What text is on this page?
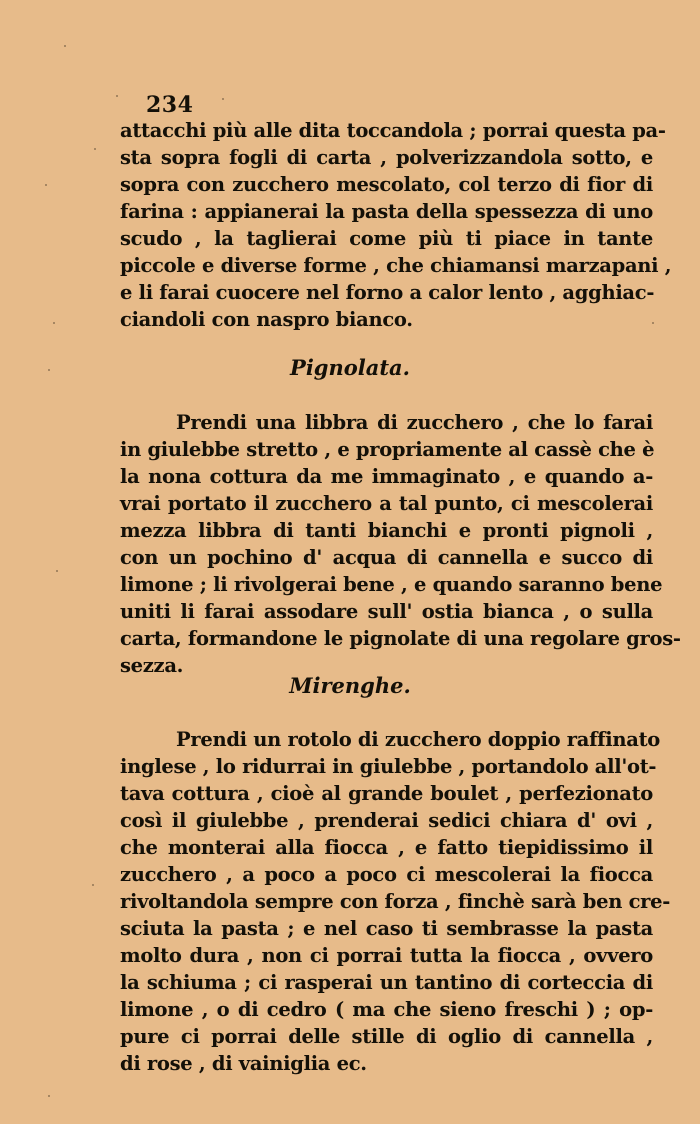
234
attacchi più alle dita toccandola ; porrai questa pa-
sta sopra fogli di carta , polverizzandola sotto, e
sopra con zucchero mescolato, col terzo di fior di
farina : appianerai la pasta della spessezza di uno
scudo , la taglierai come più ti piace in tante
piccole e diverse forme , che chiamansi marzapani ,
e li farai cuocere nel forno a calor lento , agghiac-
ciandoli con naspro bianco.
Pignolata.
Prendi una libbra di zucchero , che lo farai
in giulebbe stretto , e propriamente al cassè che è
la nona cottura da me immaginato , e quando a-
vrai portato il zucchero a tal punto, ci mescolerai
mezza libbra di tanti bianchi e pronti pignoli ,
con un pochino d' acqua di cannella e succo di
limone ; li rivolgerai bene , e quando saranno bene
uniti li farai assodare sull' ostia bianca , o sulla
carta, formandone le pignolate di una regolare gros-
sezza.
Mirenghe.
Prendi un rotolo di zucchero doppio raffinato
inglese , lo ridurrai in giulebbe , portandolo all'ot-
tava cottura , cioè al grande boulet , perfezionato
così il giulebbe , prenderai sedici chiara d' ovi ,
che monterai alla fiocca , e fatto tiepidissimo il
zucchero , a poco a poco ci mescolerai la fiocca
rivoltandola sempre con forza , finchè sarà ben cre-
sciuta la pasta ; e nel caso ti sembrasse la pasta
molto dura , non ci porrai tutta la fiocca , ovvero
la schiuma ; ci rasperai un tantino di corteccia di
limone , o di cedro ( ma che sieno freschi ) ; op-
pure ci porrai delle stille di oglio di cannella ,
di rose , di vainiglia ec.
